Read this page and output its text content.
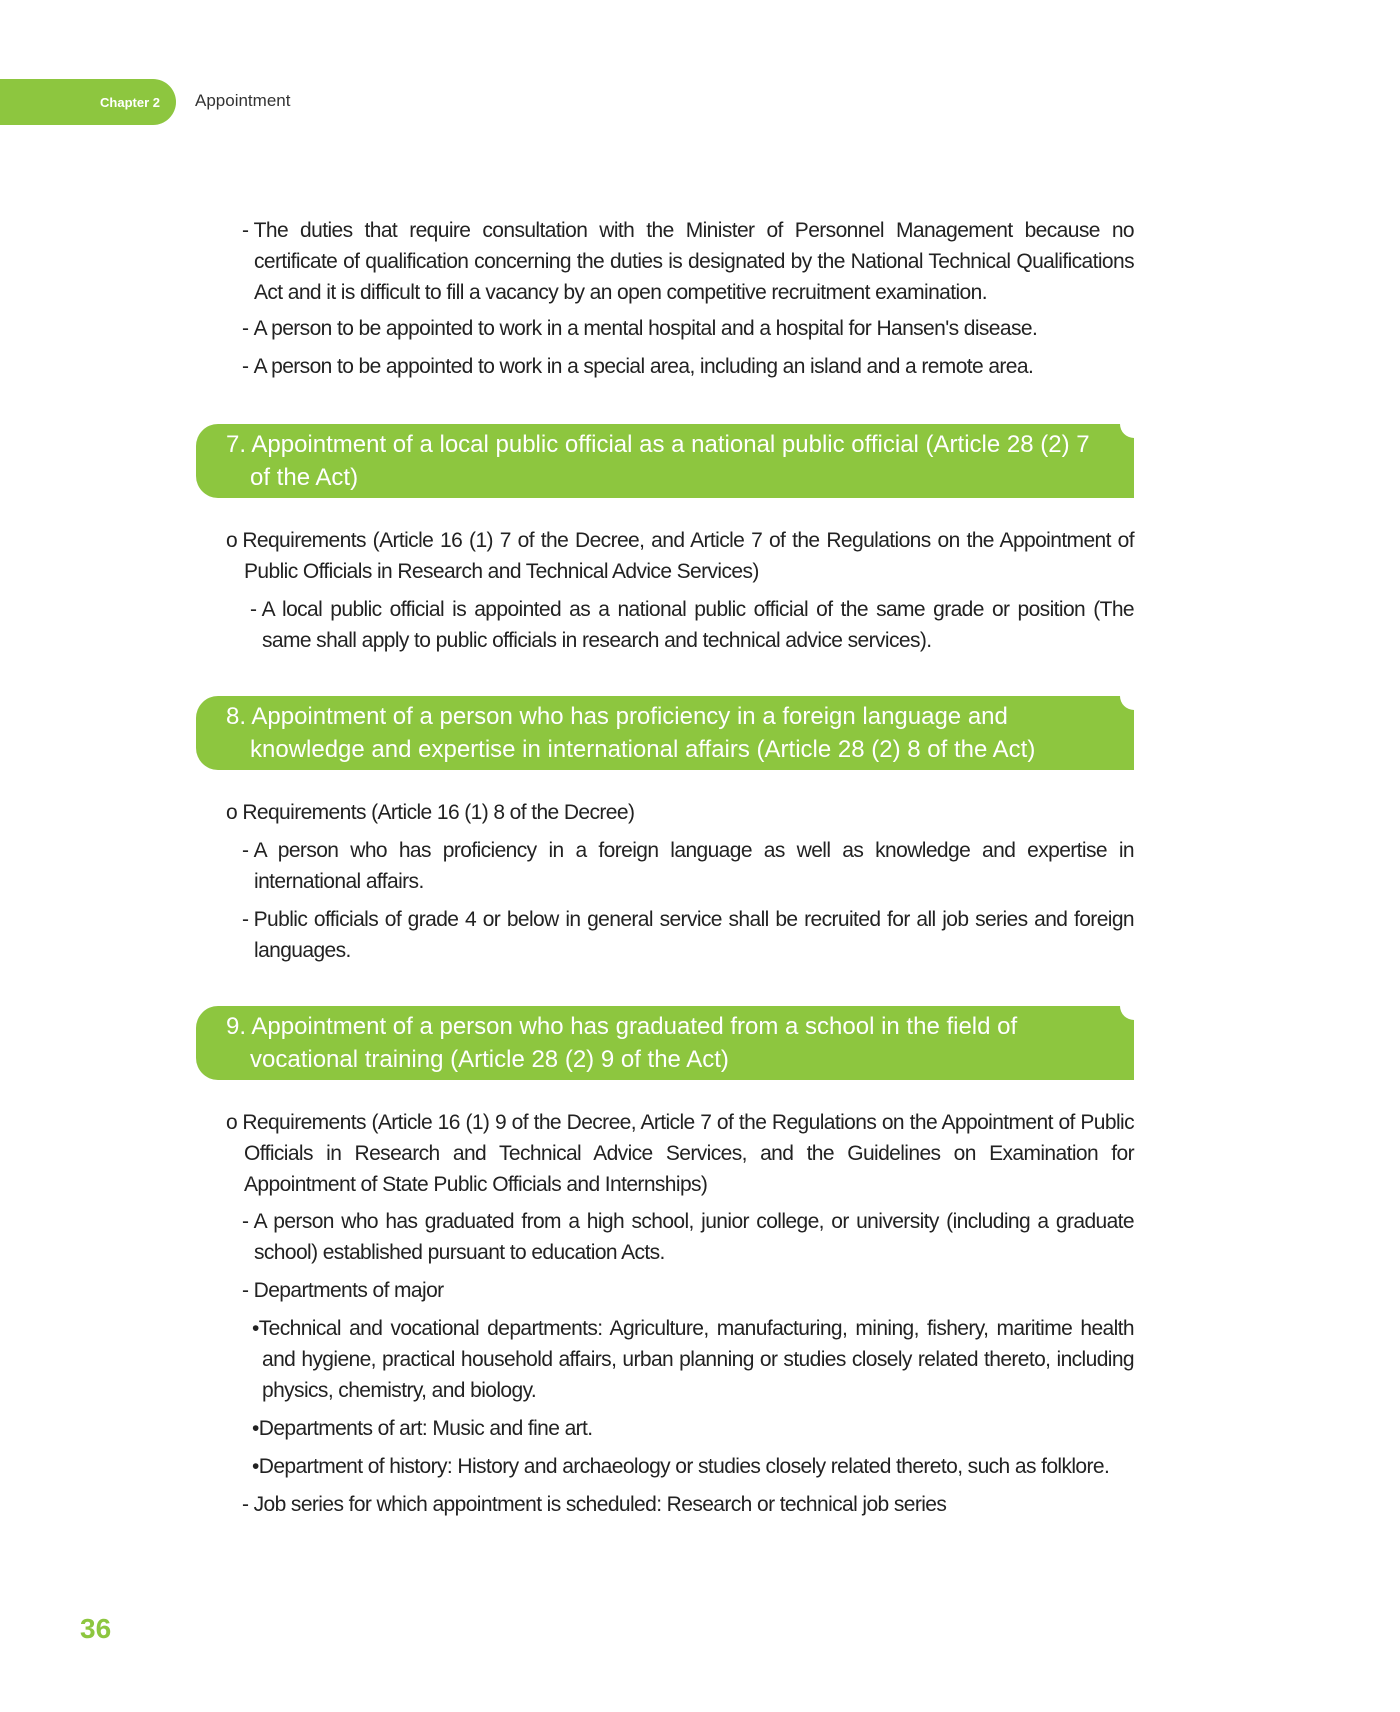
Chapter 2 Appointment
- The duties that require consultation with the Minister of Personnel Management because no certificate of qualification concerning the duties is designated by the National Technical Qualifications Act and it is difficult to fill a vacancy by an open competitive recruitment examination.
- A person to be appointed to work in a mental hospital and a hospital for Hansen's disease.
- A person to be appointed to work in a special area, including an island and a remote area.
7. Appointment of a local public official as a national public official (Article 28 (2) 7 of the Act)
o Requirements (Article 16 (1) 7 of the Decree, and Article 7 of the Regulations on the Appointment of Public Officials in Research and Technical Advice Services)
- A local public official is appointed as a national public official of the same grade or position (The same shall apply to public officials in research and technical advice services).
8. Appointment of a person who has proficiency in a foreign language and knowledge and expertise in international affairs (Article 28 (2) 8 of the Act)
o Requirements (Article 16 (1) 8 of the Decree)
- A person who has proficiency in a foreign language as well as knowledge and expertise in international affairs.
- Public officials of grade 4 or below in general service shall be recruited for all job series and foreign languages.
9. Appointment of a person who has graduated from a school in the field of vocational training (Article 28 (2) 9 of the Act)
o Requirements (Article 16 (1) 9 of the Decree, Article 7 of the Regulations on the Appointment of Public Officials in Research and Technical Advice Services, and the Guidelines on Examination for Appointment of State Public Officials and Internships)
- A person who has graduated from a high school, junior college, or university (including a graduate school) established pursuant to education Acts.
- Departments of major
•Technical and vocational departments: Agriculture, manufacturing, mining, fishery, maritime health and hygiene, practical household affairs, urban planning or studies closely related thereto, including physics, chemistry, and biology.
•Departments of art: Music and fine art.
•Department of history: History and archaeology or studies closely related thereto, such as folklore.
- Job series for which appointment is scheduled: Research or technical job series
36
